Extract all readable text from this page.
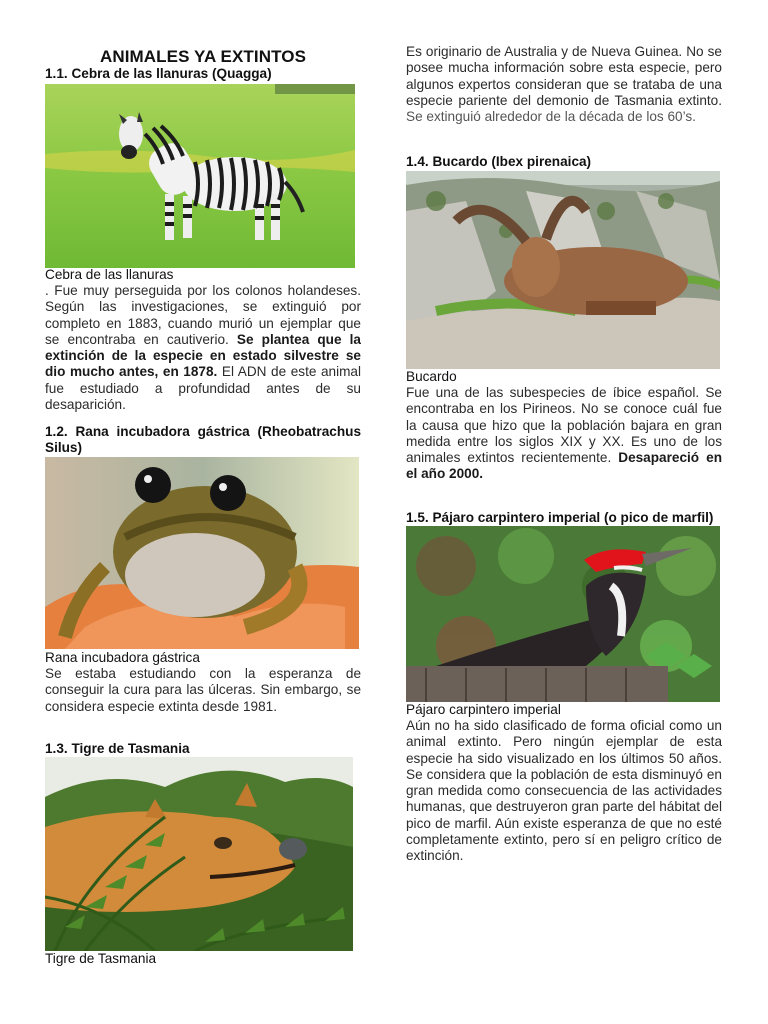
ANIMALES YA EXTINTOS
1.1. Cebra de las llanuras (Quagga)
Cebra de las llanuras
. Fue muy perseguida por los colonos holandeses. Según las investigaciones, se extinguió por completo en 1883, cuando murió un ejemplar que se encontraba en cautiverio. Se plantea que la extinción de la especie en estado silvestre se dio mucho antes, en 1878. El ADN de este animal fue estudiado a profundidad antes de su desaparición.
1.2. Rana incubadora gástrica (Rheobatrachus Silus)
Rana incubadora gástrica
Se estaba estudiando con la esperanza de conseguir la cura para las úlceras. Sin embargo, se considera especie extinta desde 1981.
1.3. Tigre de Tasmania
Tigre de Tasmania
Es originario de Australia y de Nueva Guinea. No se posee mucha información sobre esta especie, pero algunos expertos consideran que se trataba de una especie pariente del demonio de Tasmania extinto. Se extinguió alrededor de la década de los 60’s.
1.4. Bucardo (Ibex pirenaica)
Bucardo
Fue una de las subespecies de íbice español. Se encontraba en los Pirineos. No se conoce cuál fue la causa que hizo que la población bajara en gran medida entre los siglos XIX y XX. Es uno de los animales extintos recientemente. Desapareció en el año 2000.
1.5. Pájaro carpintero imperial (o pico de marfil)
Pájaro carpintero imperial
Aún no ha sido clasificado de forma oficial como un animal extinto. Pero ningún ejemplar de esta especie ha sido visualizado en los últimos 50 años. Se considera que la población de esta disminuyó en gran medida como consecuencia de las actividades humanas, que destruyeron gran parte del hábitat del pico de marfil. Aún existe esperanza de que no esté completamente extinto, pero sí en peligro crítico de extinción.
